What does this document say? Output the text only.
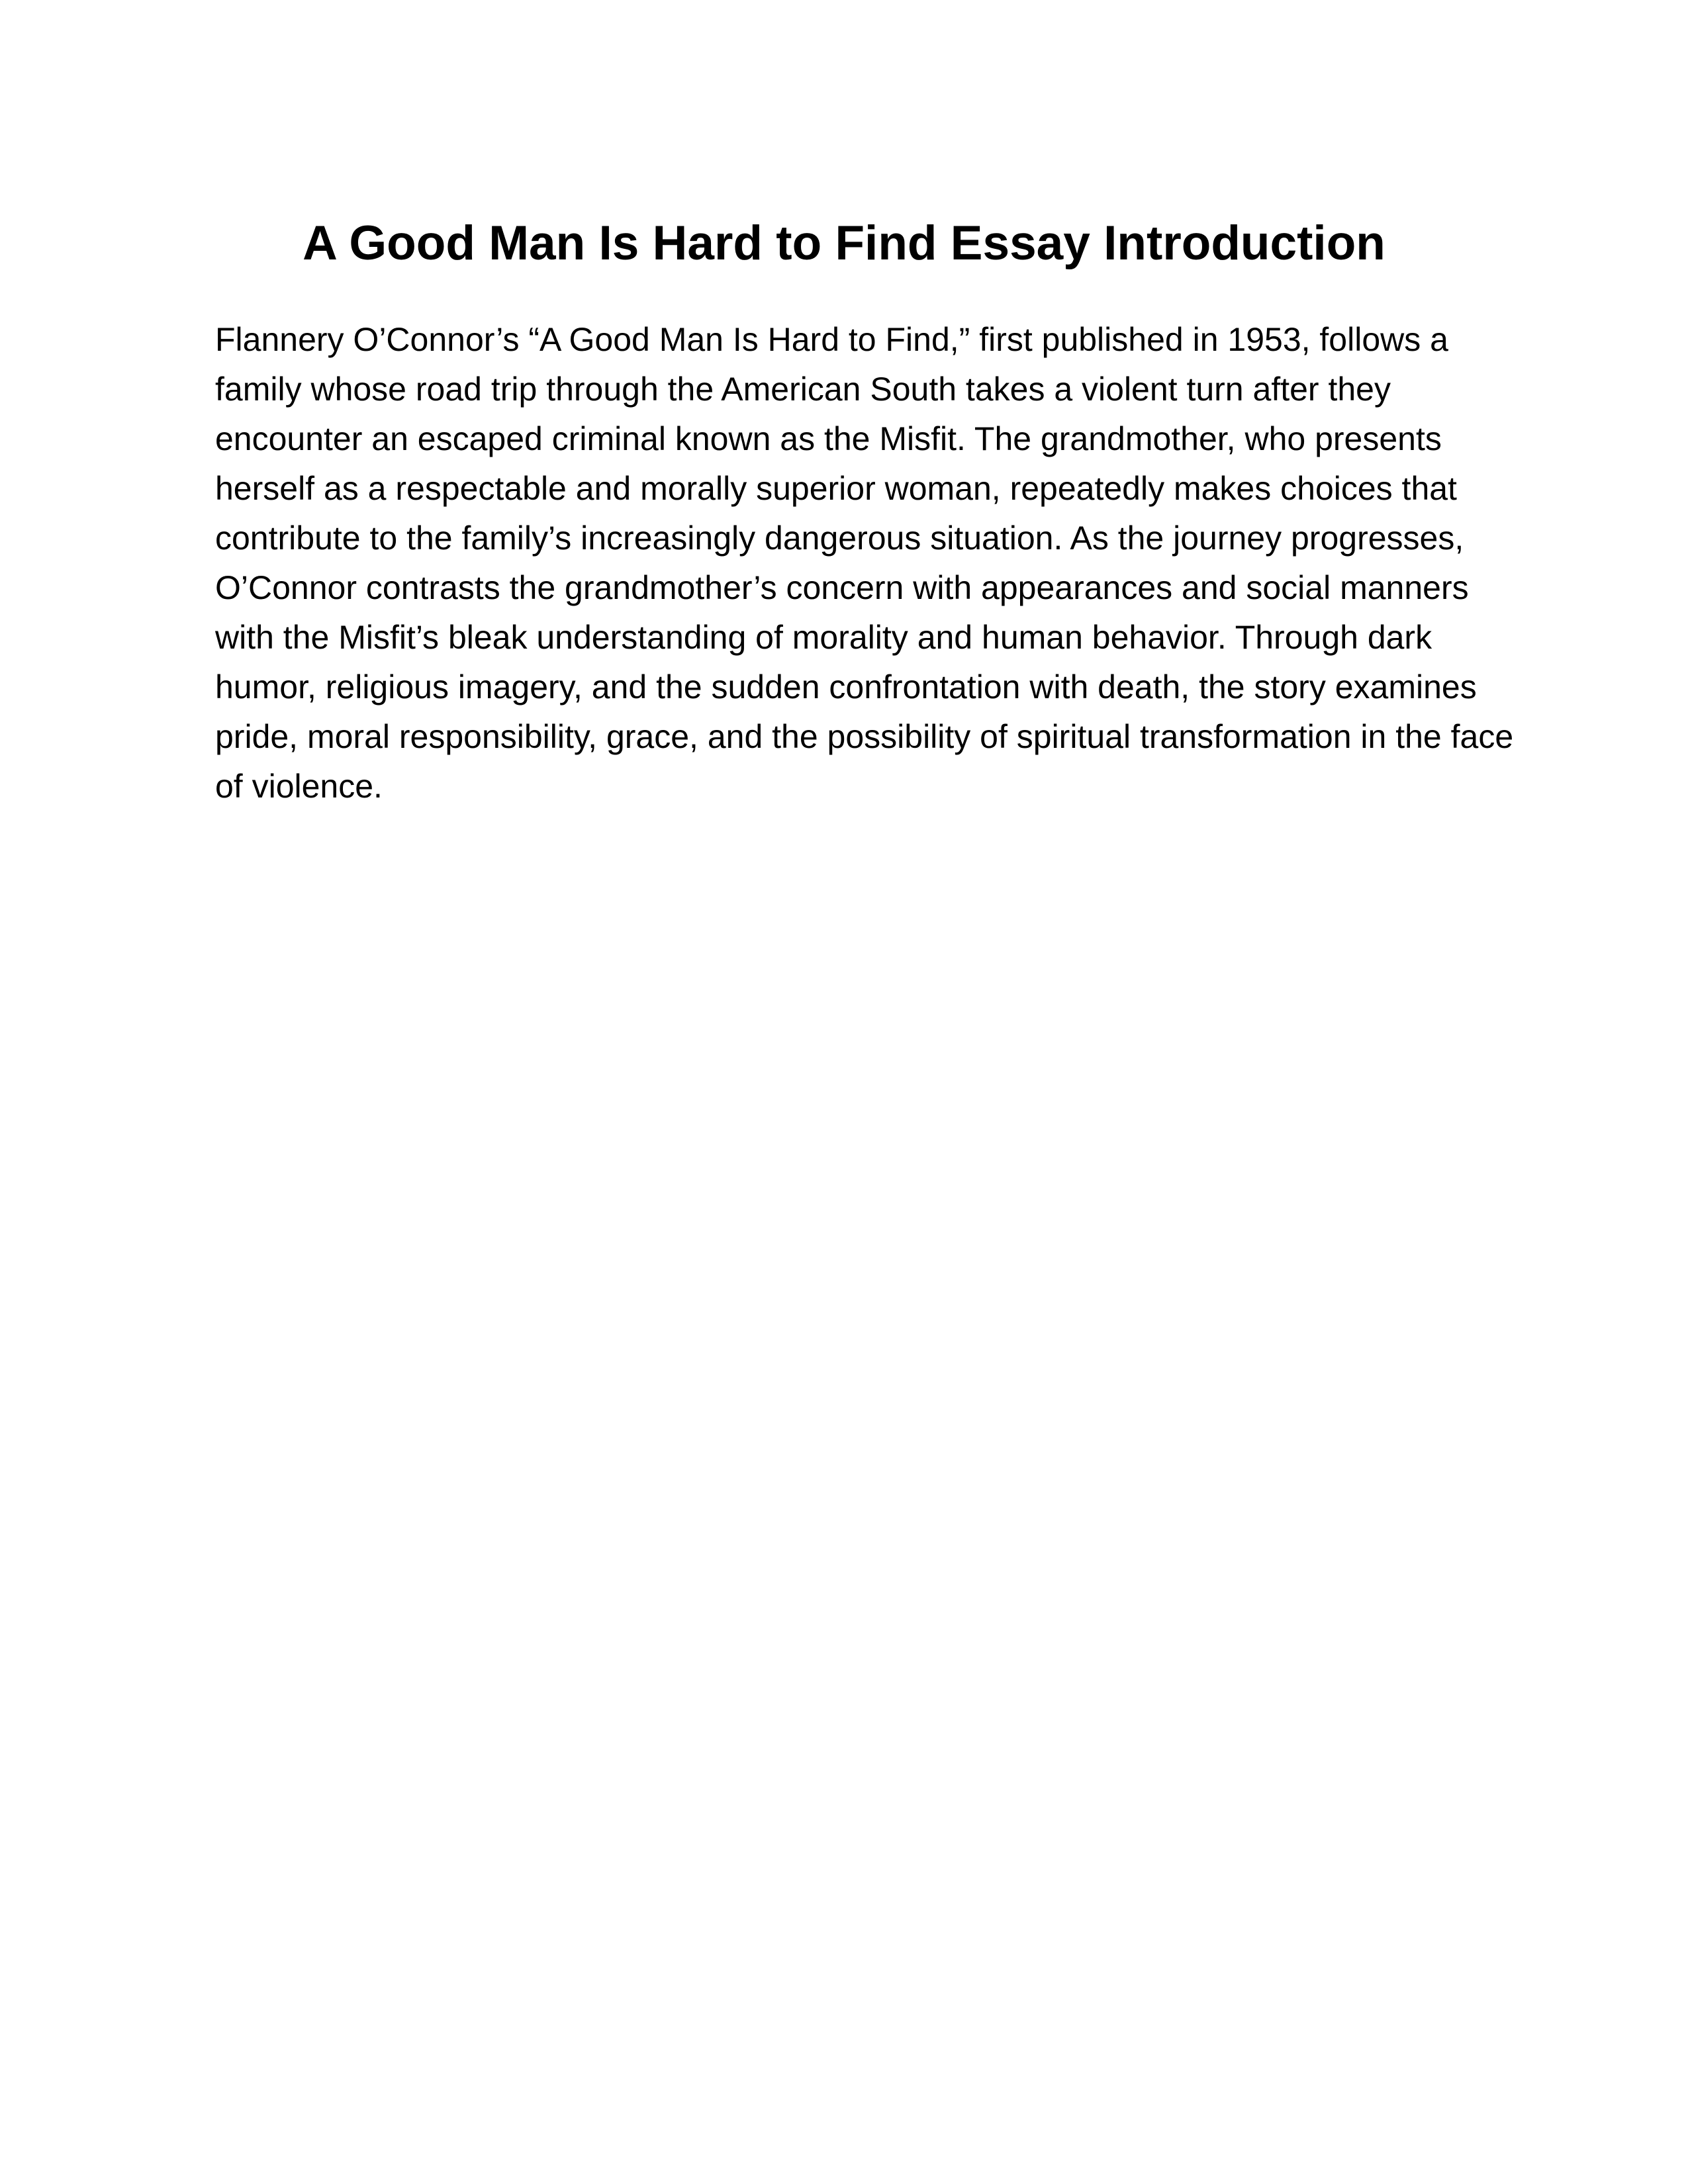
A Good Man Is Hard to Find Essay Introduction
Flannery O’Connor’s “A Good Man Is Hard to Find,” first published in 1953, follows a
family whose road trip through the American South takes a violent turn after they
encounter an escaped criminal known as the Misfit. The grandmother, who presents
herself as a respectable and morally superior woman, repeatedly makes choices that
contribute to the family’s increasingly dangerous situation. As the journey progresses,
O’Connor contrasts the grandmother’s concern with appearances and social manners
with the Misfit’s bleak understanding of morality and human behavior. Through dark
humor, religious imagery, and the sudden confrontation with death, the story examines
pride, moral responsibility, grace, and the possibility of spiritual transformation in the face
of violence.
